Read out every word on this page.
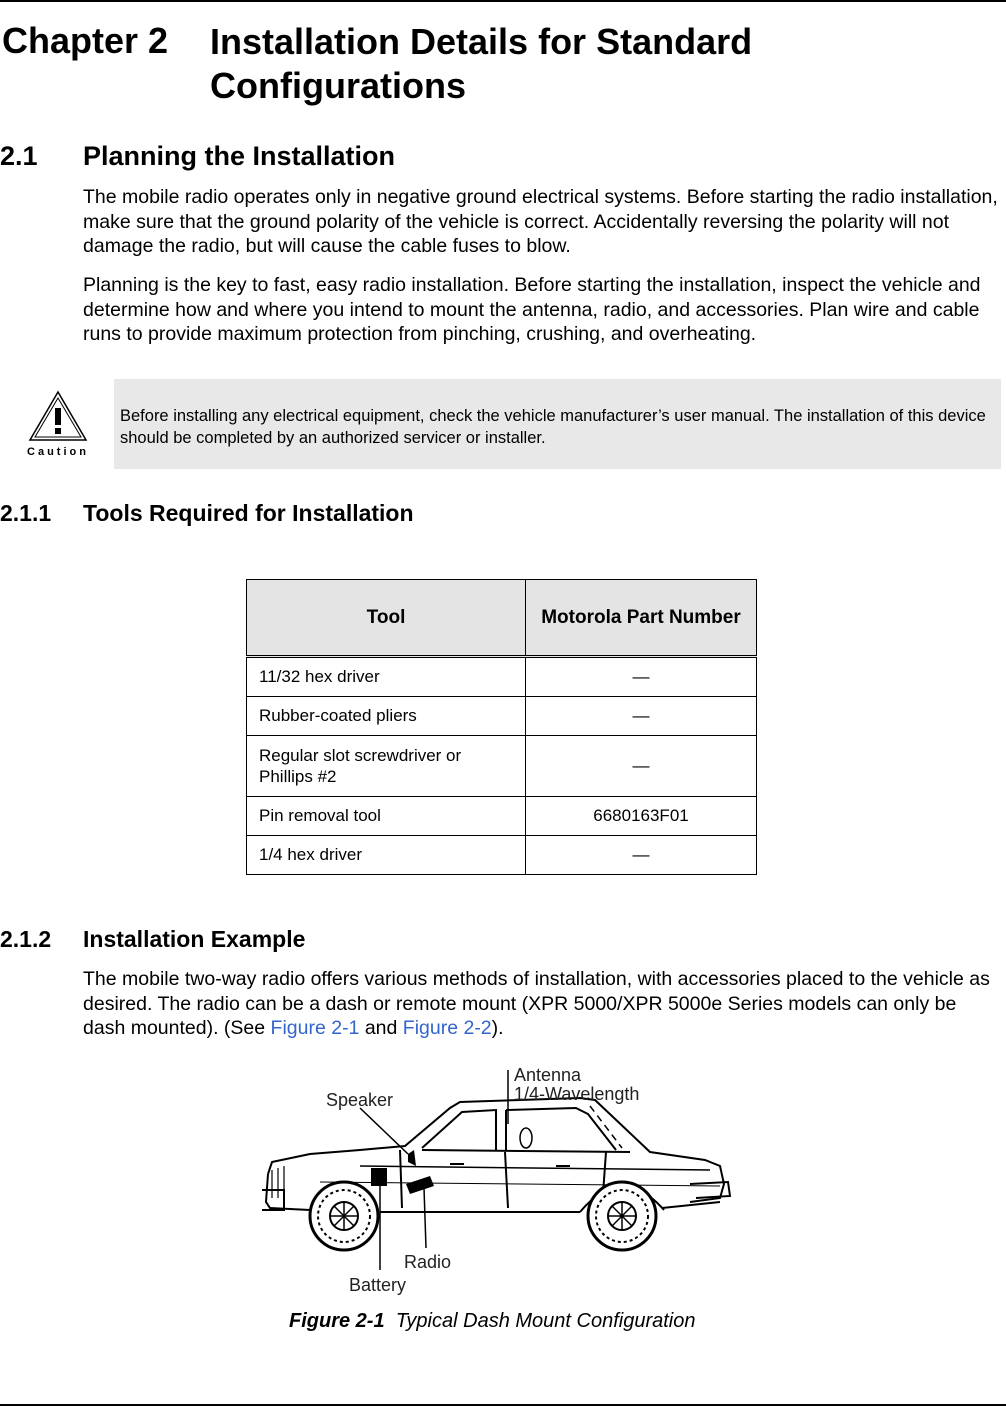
Chapter 2 Installation Details for Standard Configurations
2.1 Planning the Installation
The mobile radio operates only in negative ground electrical systems. Before starting the radio installation, make sure that the ground polarity of the vehicle is correct. Accidentally reversing the polarity will not damage the radio, but will cause the cable fuses to blow.
Planning is the key to fast, easy radio installation. Before starting the installation, inspect the vehicle and determine how and where you intend to mount the antenna, radio, and accessories. Plan wire and cable runs to provide maximum protection from pinching, crushing, and overheating.
Caution
Before installing any electrical equipment, check the vehicle manufacturer’s user manual. The installation of this device should be completed by an authorized servicer or installer.
2.1.1 Tools Required for Installation
Tool	Motorola Part Number
11/32 hex driver	—
Rubber-coated pliers	—
Regular slot screwdriver or Phillips #2	—
Pin removal tool	6680163F01
1/4 hex driver	—
2.1.2 Installation Example
The mobile two-way radio offers various methods of installation, with accessories placed to the vehicle as desired. The radio can be a dash or remote mount (XPR 5000/XPR 5000e Series models can only be dash mounted). (See Figure 2-1 and Figure 2-2).
Antenna
1/4-Wavelength
Speaker
Radio
Battery
Figure 2-1 Typical Dash Mount Configuration
